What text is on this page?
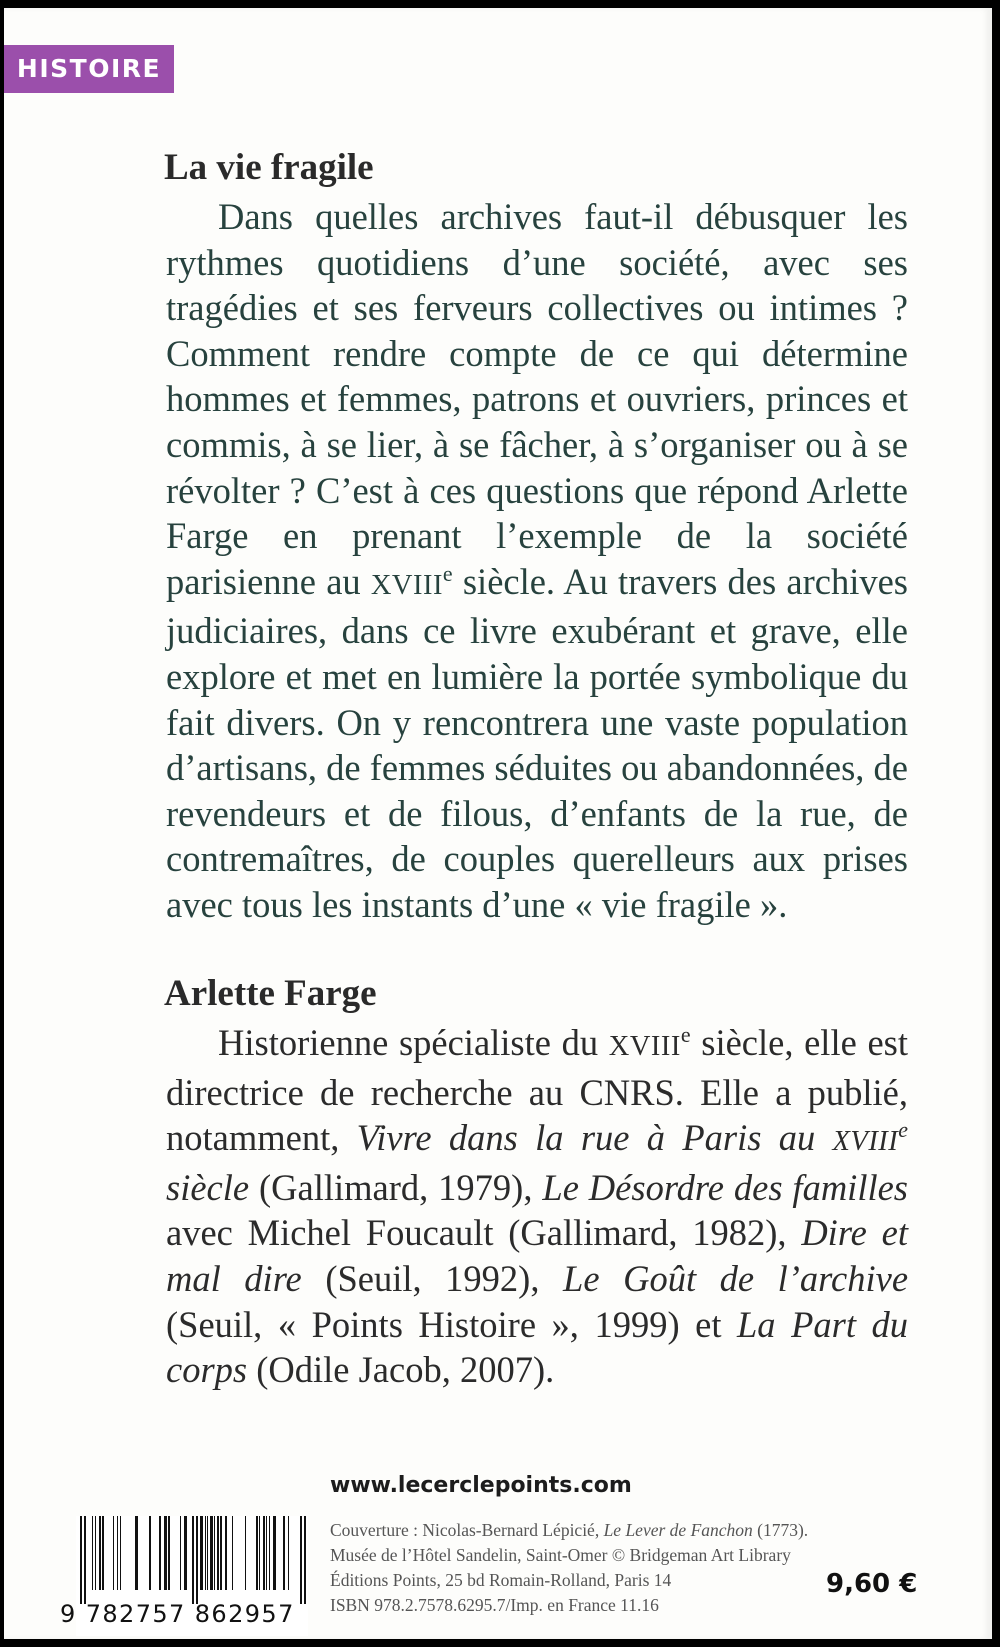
HISTOIRE
La vie fragile

Dans quelles archives faut-il débusquer les rythmes quotidiens d’une société, avec ses tragédies et ses ferveurs collectives ou intimes ? Comment rendre compte de ce qui détermine hommes et femmes, patrons et ouvriers, princes et commis, à se lier, à se fâcher, à s’organiser ou à se révolter ? C’est à ces questions que répond Arlette Farge en prenant l’exemple de la société parisienne au XVIIIe siècle. Au travers des archives judiciaires, dans ce livre exubérant et grave, elle explore et met en lumière la portée symbolique du fait divers. On y rencontrera une vaste population d’artisans, de femmes séduites ou abandonnées, de revendeurs et de filous, d’enfants de la rue, de contremaîtres, de couples querelleurs aux prises avec tous les instants d’une « vie fragile ».

Arlette Farge

Historienne spécialiste du XVIIIe siècle, elle est directrice de recherche au CNRS. Elle a publié, notamment, Vivre dans la rue à Paris au XVIIIe siècle (Gallimard, 1979), Le Désordre des familles avec Michel Foucault (Gallimard, 1982), Dire et mal dire (Seuil, 1992), Le Goût de l’archive (Seuil, « Points Histoire », 1999) et La Part du corps (Odile Jacob, 2007).

www.lecerclepoints.com
9 782757 862957
Couverture : Nicolas-Bernard Lépicié, Le Lever de Fanchon (1773).
Musée de l’Hôtel Sandelin, Saint-Omer © Bridgeman Art Library
Éditions Points, 25 bd Romain-Rolland, Paris 14
ISBN 978.2.7578.6295.7/Imp. en France 11.16
9,60 €
